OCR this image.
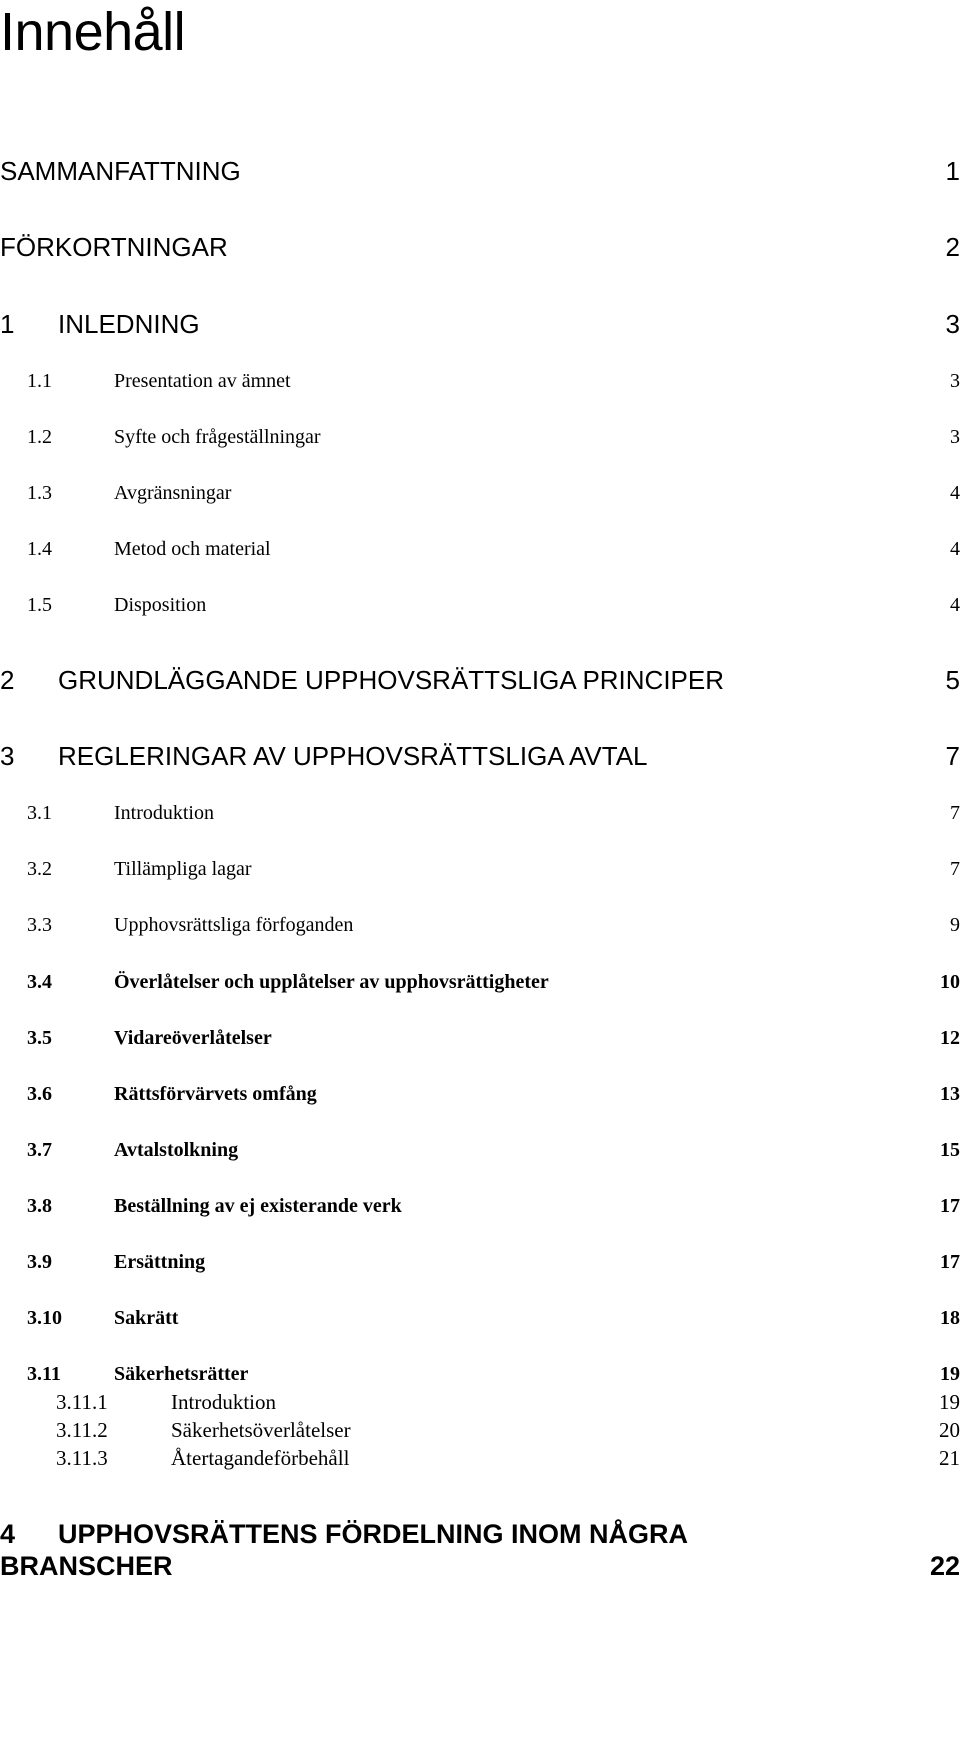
Innehåll
SAMMANFATTNING	1
FÖRKORTNINGAR	2
1 INLEDNING	3
1.1	Presentation av ämnet	3
1.2	Syfte och frågeställningar	3
1.3	Avgränsningar	4
1.4	Metod och material	4
1.5	Disposition	4
2 GRUNDLÄGGANDE UPPHOVSRÄTTSLIGA PRINCIPER	5
3 REGLERINGAR AV UPPHOVSRÄTTSLIGA AVTAL	7
3.1	Introduktion	7
3.2	Tillämpliga lagar	7
3.3	Upphovsrättsliga förfoganden	9
3.4	Överlåtelser och upplåtelser av upphovsrättigheter	10
3.5	Vidareöverlåtelser	12
3.6	Rättsförvärvets omfång	13
3.7	Avtalstolkning	15
3.8	Beställning av ej existerande verk	17
3.9	Ersättning	17
3.10	Sakrätt	18
3.11	Säkerhetsrätter	19
3.11.1	Introduktion	19
3.11.2	Säkerhetsöverlåtelser	20
3.11.3	Återtagandeförbehåll	21
4 UPPHOVSRÄTTENS FÖRDELNING INOM NÅGRA
BRANSCHER	22
